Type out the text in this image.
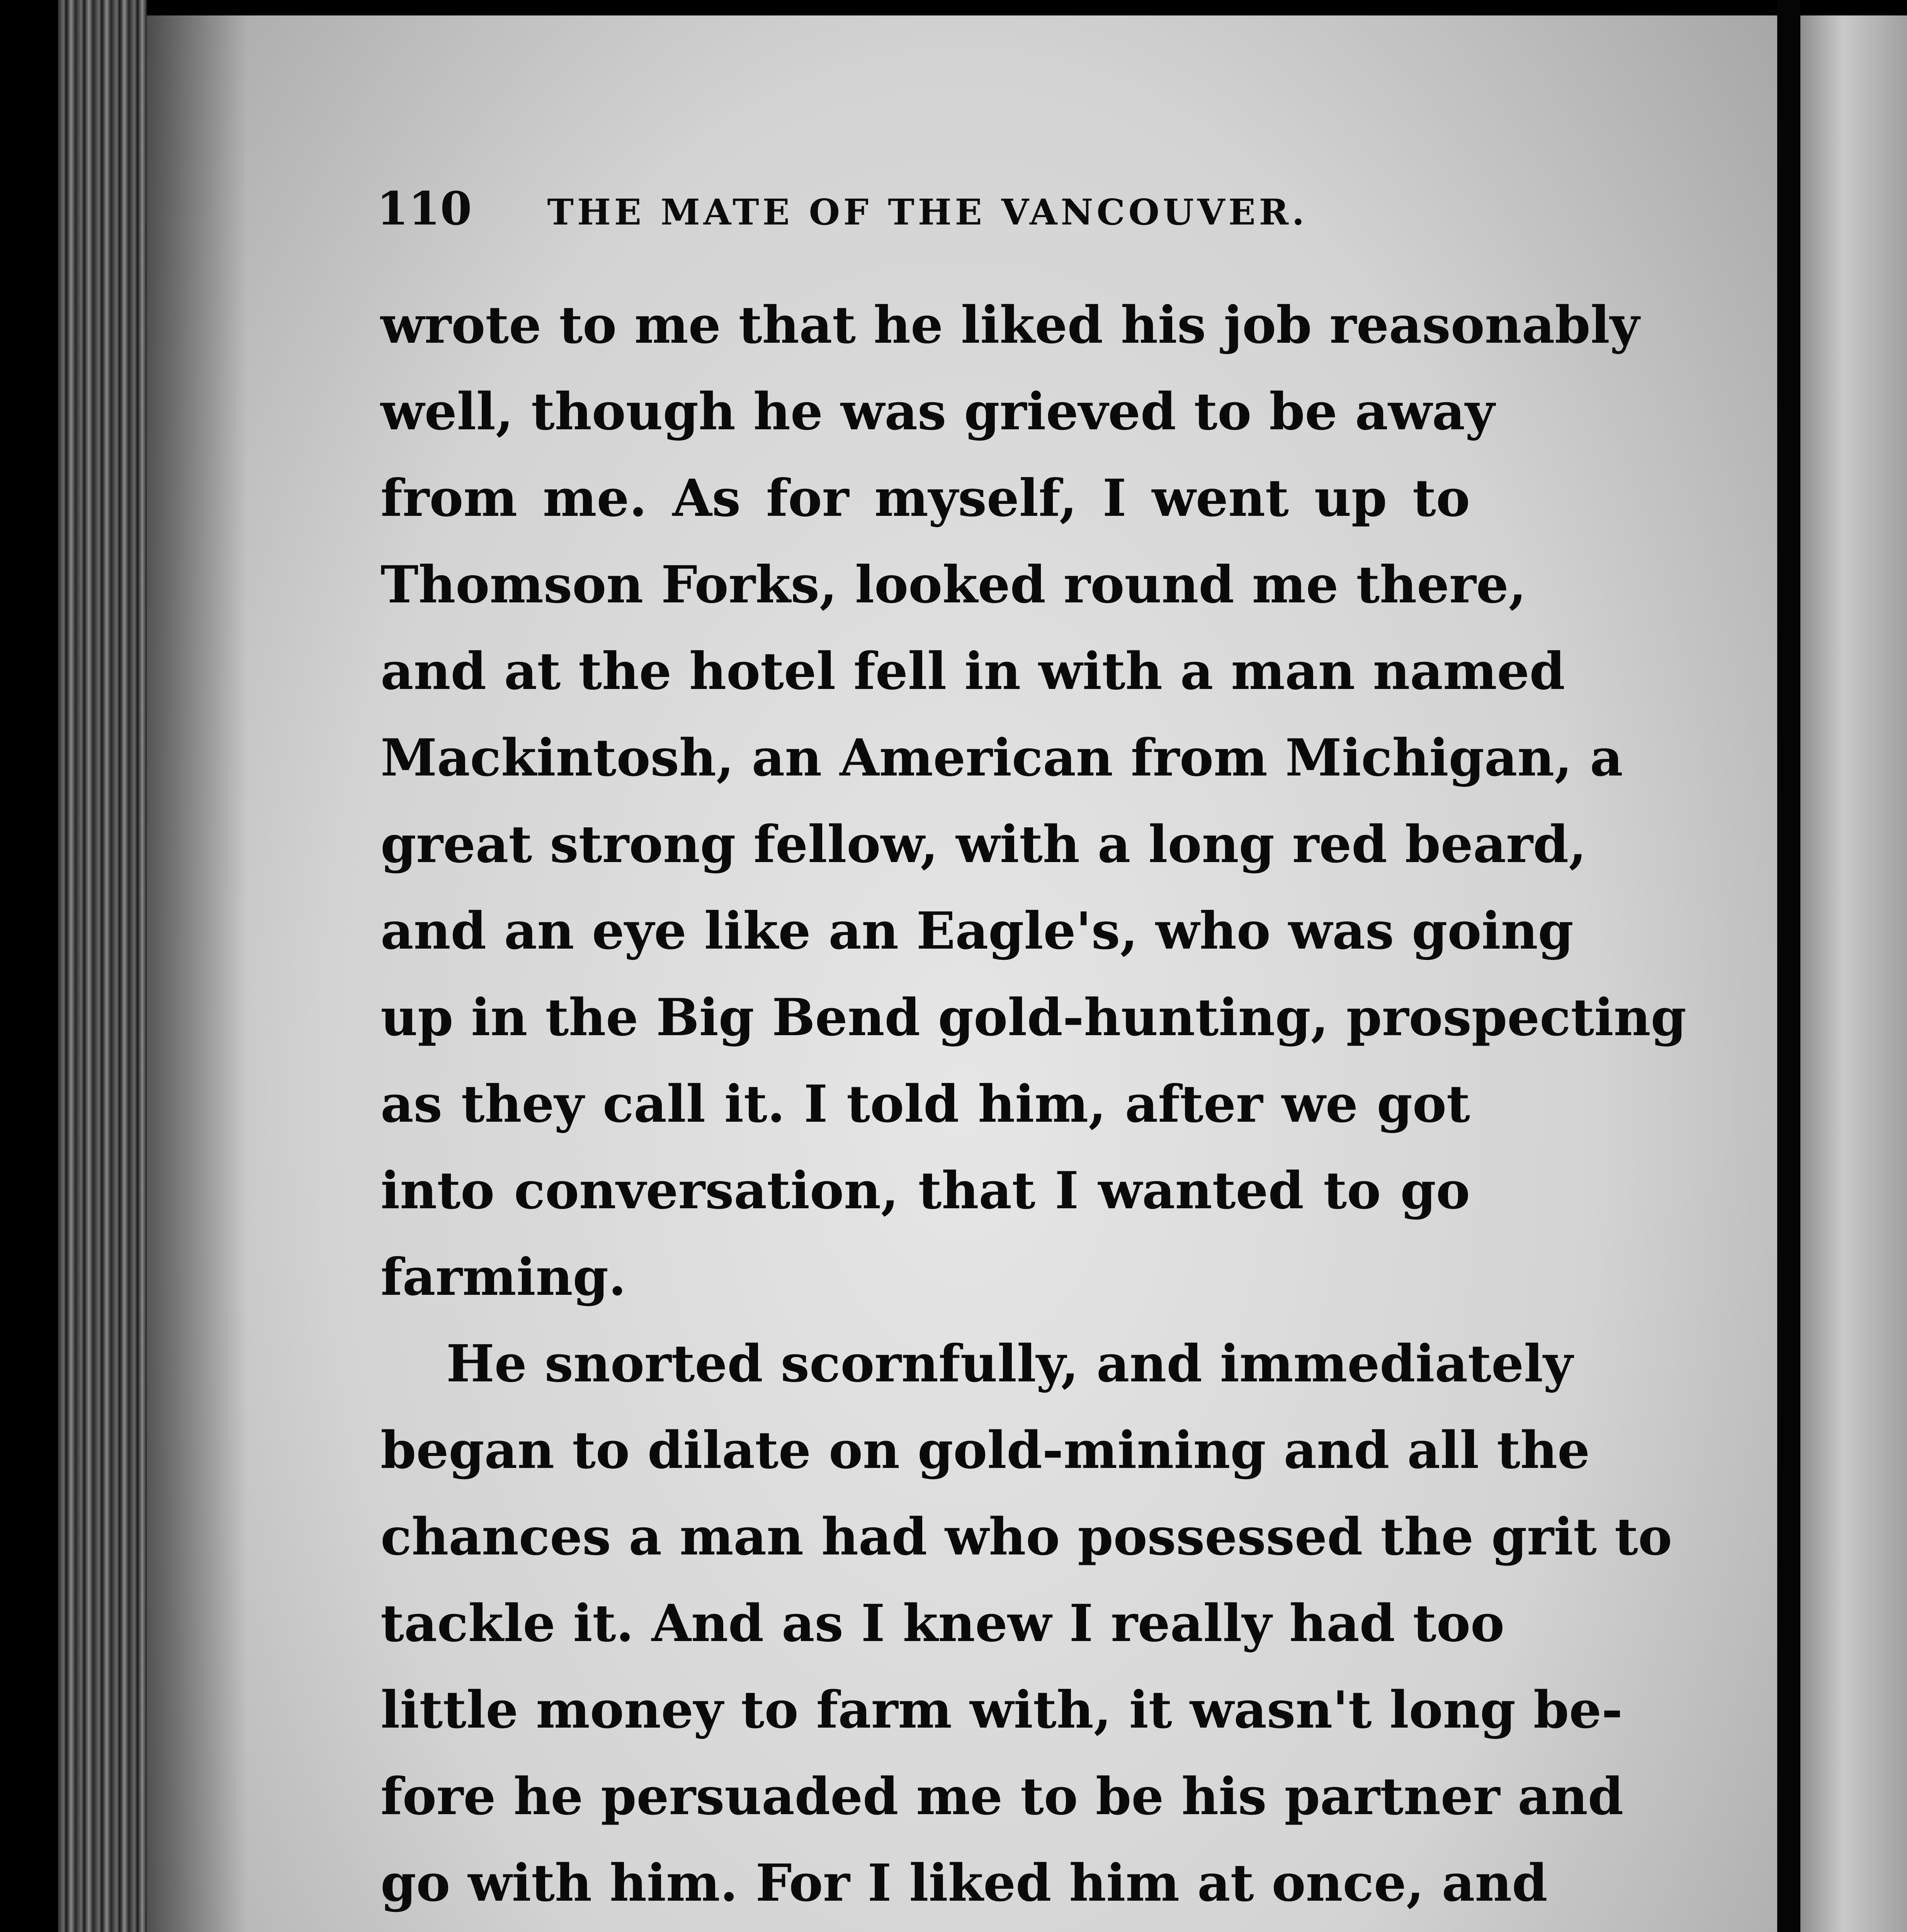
110 THE MATE OF THE VANCOUVER.
wrote to me that he liked his job reasonably
well, though he was grieved to be away
from me. As for myself, I went up to
Thomson Forks, looked round me there,
and at the hotel fell in with a man named
Mackintosh, an American from Michigan, a
great strong fellow, with a long red beard,
and an eye like an Eagle's, who was going
up in the Big Bend gold-hunting, prospecting
as they call it. I told him, after we got
into conversation, that I wanted to go
farming.
He snorted scornfully, and immediately
began to dilate on gold-mining and all the
chances a man had who possessed the grit to
tackle it. And as I knew I really had too
little money to farm with, it wasn't long be-
fore he persuaded me to be his partner and
go with him. For I liked him at once, and
